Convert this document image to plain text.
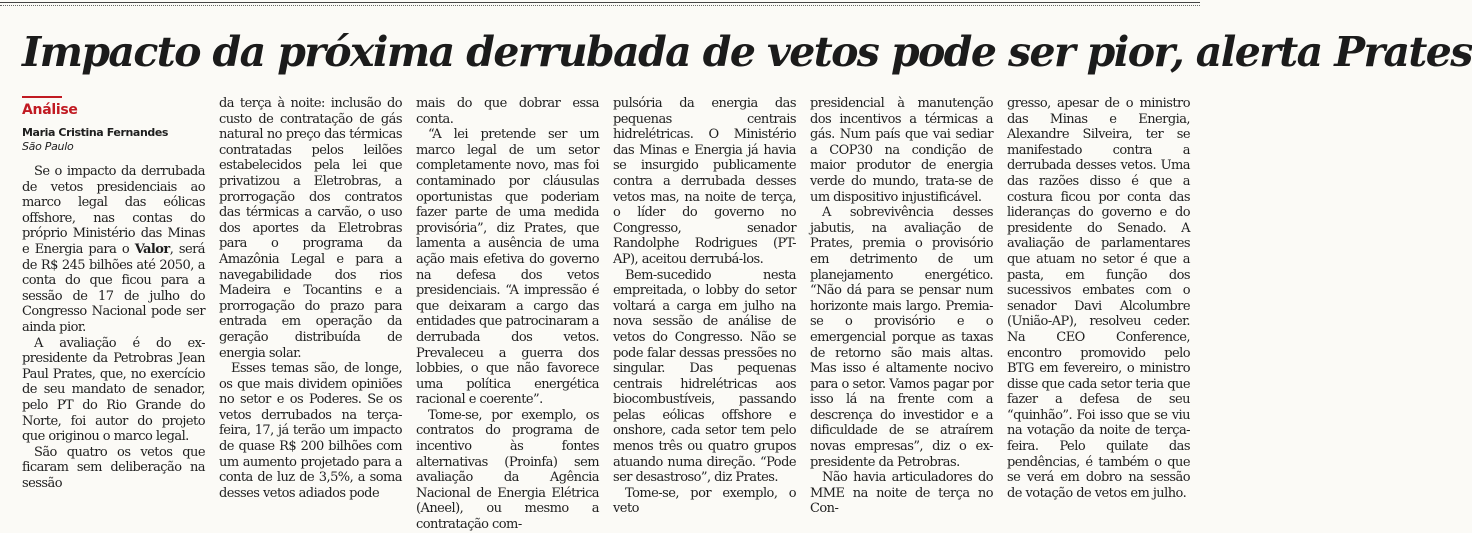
Impacto da próxima derrubada de vetos pode ser pior, alerta Prates
Análise
Maria Cristina Fernandes
São Paulo

Se o impacto da derrubada de vetos presidenciais ao marco legal das eólicas offshore, nas contas do próprio Ministério das Minas e Energia para o Valor, será de R$ 245 bilhões até 2050, a conta do que ficou para a sessão de 17 de julho do Congresso Nacional pode ser ainda pior.

A avaliação é do ex-presidente da Petrobras Jean Paul Prates, que, no exercício de seu mandato de senador, pelo PT do Rio Grande do Norte, foi autor do projeto que originou o marco legal.

São quatro os vetos que ficaram sem deliberação na sessão

da terça à noite: inclusão do custo de contratação de gás natural no preço das térmicas contratadas pelos leilões estabelecidos pela lei que privatizou a Eletrobras, a prorrogação dos contratos das térmicas a carvão, o uso dos aportes da Eletrobras para o programa da Amazônia Legal e para a navegabilidade dos rios Madeira e Tocantins e a prorrogação do prazo para entrada em operação da geração distribuída de energia solar.

Esses temas são, de longe, os que mais dividem opiniões no setor e os Poderes. Se os vetos derrubados na terça-feira, 17, já terão um impacto de quase R$ 200 bilhões com um aumento projetado para a conta de luz de 3,5%, a soma desses vetos adiados pode

mais do que dobrar essa conta.

“A lei pretende ser um marco legal de um setor completamente novo, mas foi contaminado por cláusulas oportunistas que poderiam fazer parte de uma medida provisória”, diz Prates, que lamenta a ausência de uma ação mais efetiva do governo na defesa dos vetos presidenciais. “A impressão é que deixaram a cargo das entidades que patrocinaram a derrubada dos vetos. Prevaleceu a guerra dos lobbies, o que não favorece uma política energética racional e coerente”.

Tome-se, por exemplo, os contratos do programa de incentivo às fontes alternativas (Proinfa) sem avaliação da Agência Nacional de Energia Elétrica (Aneel), ou mesmo a contratação com-

pulsória da energia das pequenas centrais hidrelétricas. O Ministério das Minas e Energia já havia se insurgido publicamente contra a derrubada desses vetos mas, na noite de terça, o líder do governo no Congresso, senador Randolphe Rodrigues (PT-AP), aceitou derrubá-los.

Bem-sucedido nesta empreitada, o lobby do setor voltará a carga em julho na nova sessão de análise de vetos do Congresso. Não se pode falar dessas pressões no singular. Das pequenas centrais hidrelétricas aos biocombustíveis, passando pelas eólicas offshore e onshore, cada setor tem pelo menos três ou quatro grupos atuando numa direção. “Pode ser desastroso”, diz Prates.

Tome-se, por exemplo, o veto

presidencial à manutenção dos incentivos a térmicas a gás. Num país que vai sediar a COP30 na condição de maior produtor de energia verde do mundo, trata-se de um dispositivo injustificável.

A sobrevivência desses jabutis, na avaliação de Prates, premia o provisório em detrimento de um planejamento energético. “Não dá para se pensar num horizonte mais largo. Premia-se o provisório e o emergencial porque as taxas de retorno são mais altas. Mas isso é altamente nocivo para o setor. Vamos pagar por isso lá na frente com a descrença do investidor e a dificuldade de se atraírem novas empresas”, diz o ex-presidente da Petrobras.

Não havia articuladores do MME na noite de terça no Con-

gresso, apesar de o ministro das Minas e Energia, Alexandre Silveira, ter se manifestado contra a derrubada desses vetos. Uma das razões disso é que a costura ficou por conta das lideranças do governo e do presidente do Senado. A avaliação de parlamentares que atuam no setor é que a pasta, em função dos sucessivos embates com o senador Davi Alcolumbre (União-AP), resolveu ceder. Na CEO Conference, encontro promovido pelo BTG em fevereiro, o ministro disse que cada setor teria que fazer a defesa de seu “quinhão”. Foi isso que se viu na votação da noite de terça-feira. Pelo quilate das pendências, é também o que se verá em dobro na sessão de votação de vetos em julho.
